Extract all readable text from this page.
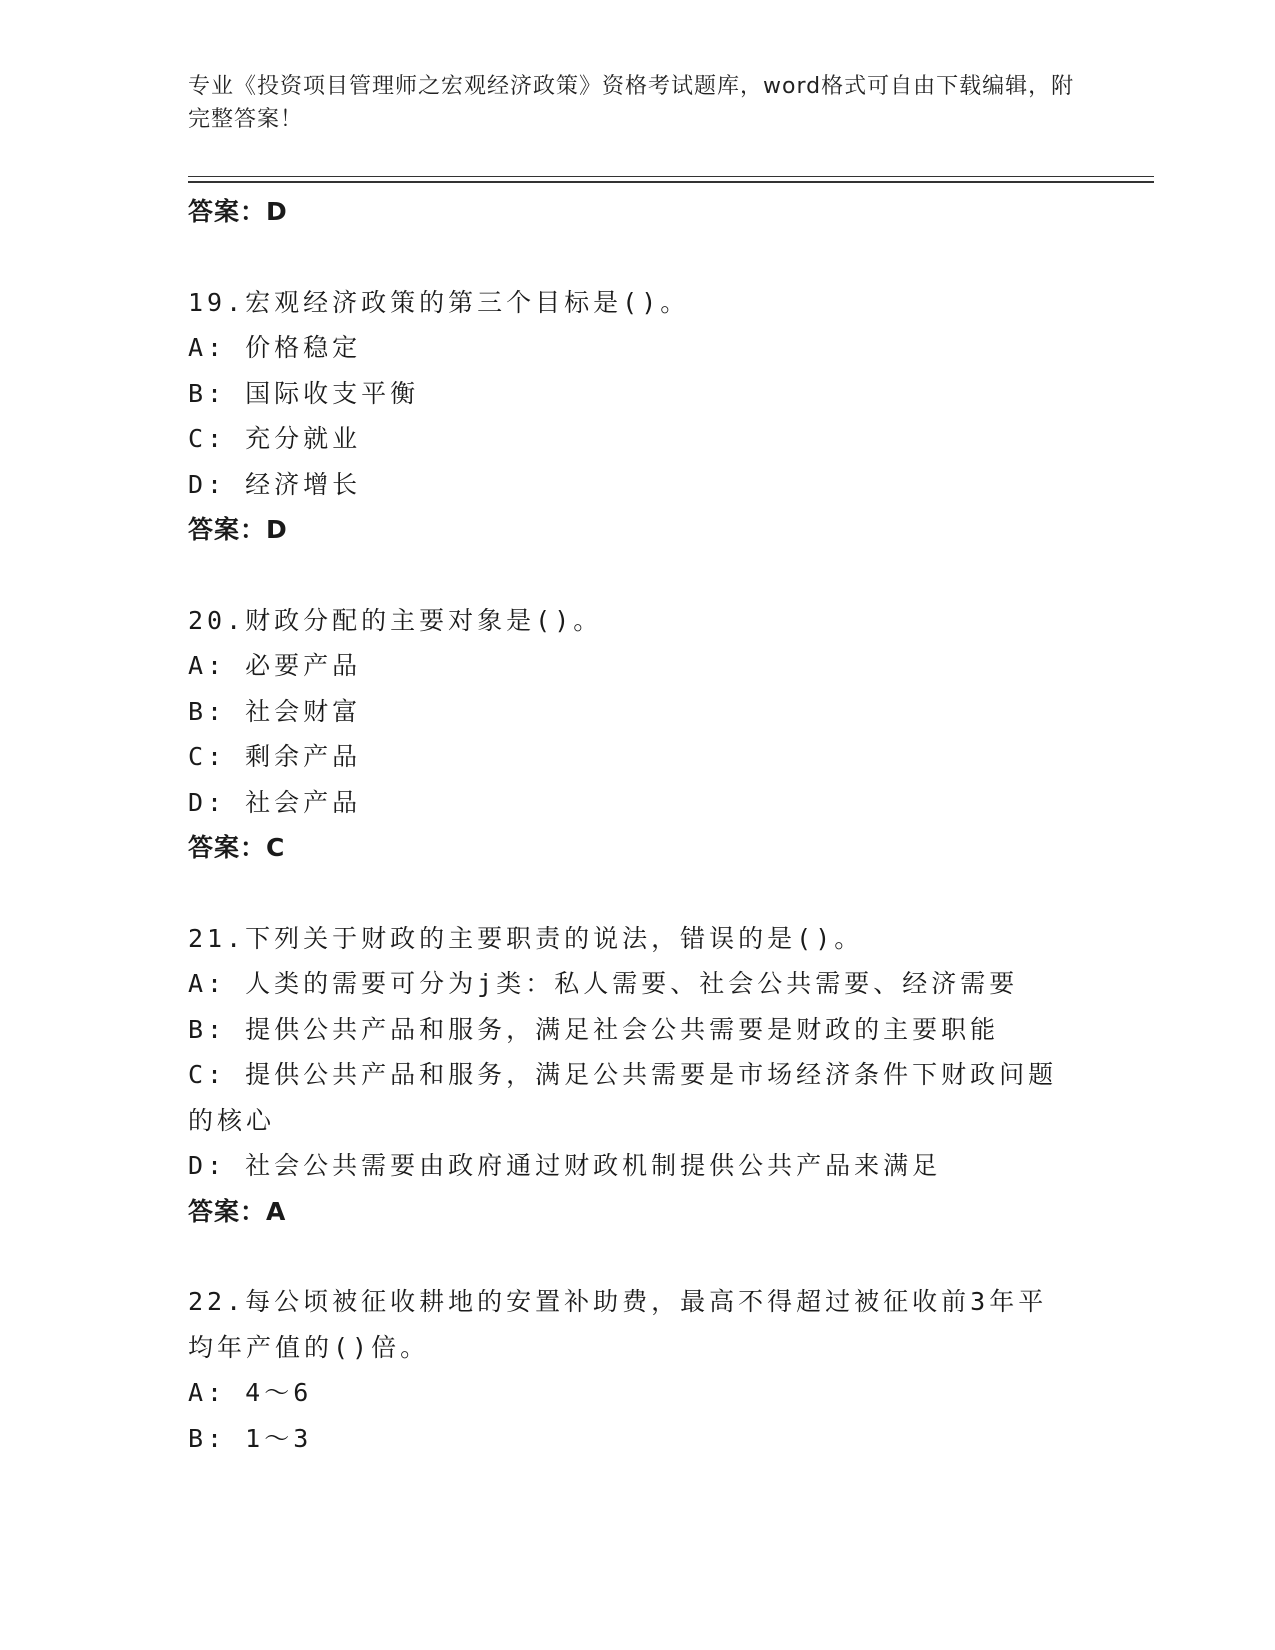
专业《投资项目管理师之宏观经济政策》资格考试题库，word格式可自由下载编辑，附完整答案！
答案：D
19.宏观经济政策的第三个目标是()。
A: 价格稳定
B: 国际收支平衡
C: 充分就业
D: 经济增长
答案：D
20.财政分配的主要对象是()。
A: 必要产品
B: 社会财富
C: 剩余产品
D: 社会产品
答案：C
21.下列关于财政的主要职责的说法，错误的是()。
A: 人类的需要可分为j类：私人需要、社会公共需要、经济需要
B: 提供公共产品和服务，满足社会公共需要是财政的主要职能
C: 提供公共产品和服务，满足公共需要是市场经济条件下财政问题的核心
D: 社会公共需要由政府通过财政机制提供公共产品来满足
答案：A
22.每公顷被征收耕地的安置补助费，最高不得超过被征收前3年平均年产值的()倍。
A: 4～6
B: 1～3
